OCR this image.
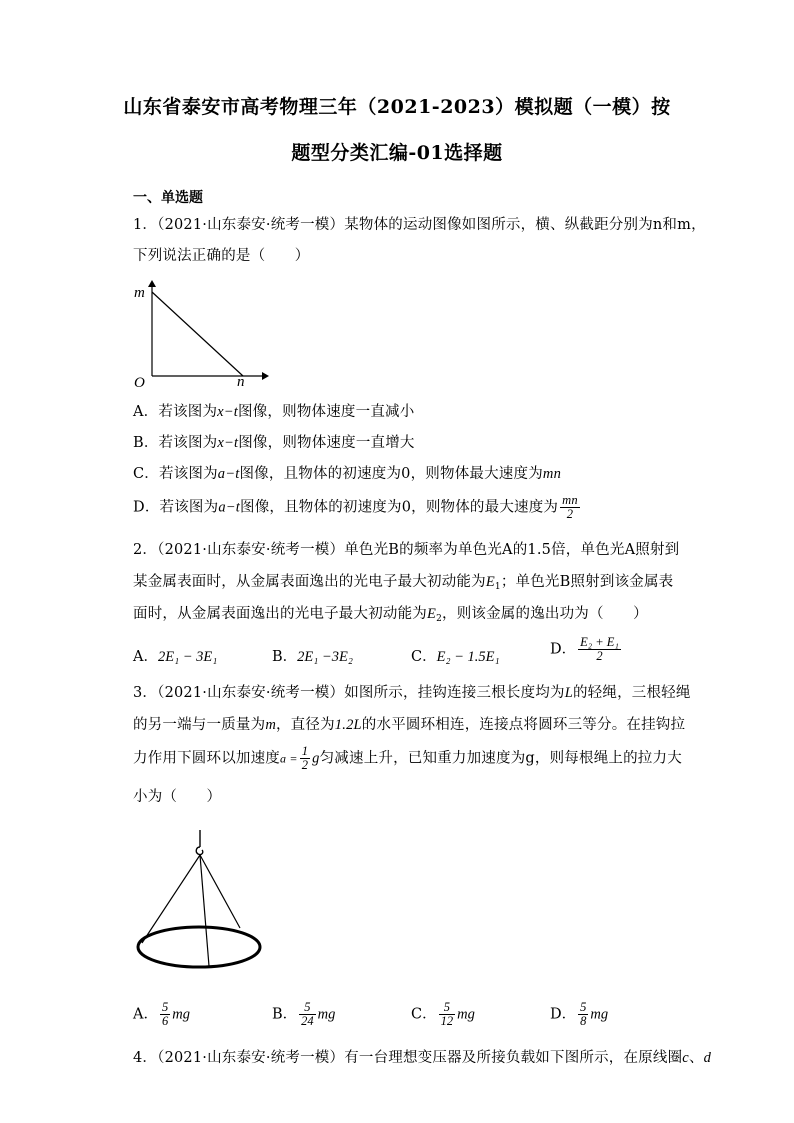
山东省泰安市高考物理三年（2021-2023）模拟题（一模）按
题型分类汇编-01选择题
一、单选题
1．（2021·山东泰安·统考一模）某物体的运动图像如图所示，横、纵截距分别为n和m，
下列说法正确的是（　　）
m
n
O
A．若该图为x−t图像，则物体速度一直减小
B．若该图为x−t图像，则物体速度一直增大
C．若该图为a−t图像，且物体的初速度为0，则物体最大速度为mn
D．若该图为a−t图像，且物体的初速度为0，则物体的最大速度为 $\frac{mn}{2}$
2．（2021·山东泰安·统考一模）单色光B的频率为单色光A的1.5倍，单色光A照射到
某金属表面时，从金属表面逸出的光电子最大初动能为$E_1$；单色光B照射到该金属表
面时，从金属表面逸出的光电子最大初动能为$E_2$，则该金属的逸出功为（　　）
A．2E₁ − 3E₁	B．2E₁ −3E₂	C．E₂ − 1.5E₁	D． $\frac{\text{E₂ + E₁}}{2}$
3．（2021·山东泰安·统考一模）如图所示，挂钩连接三根长度均为L的轻绳，三根轻绳
的另一端与一质量为m，直径为1.2L的水平圆环相连，连接点将圆环三等分。在挂钩拉
力作用下圆环以加速度$a = \frac{1}{2}$ g匀减速上升，已知重力加速度为g，则每根绳上的拉力大
小为（　　）
A． $\frac{5}{6}$ mg	B． $\frac{5}{24}$ mg	C． $\frac{5}{12}$ mg	D． $\frac{5}{8}$ mg
4．（2021·山东泰安·统考一模）有一台理想变压器及所接负载如下图所示，在原线圈c、d
